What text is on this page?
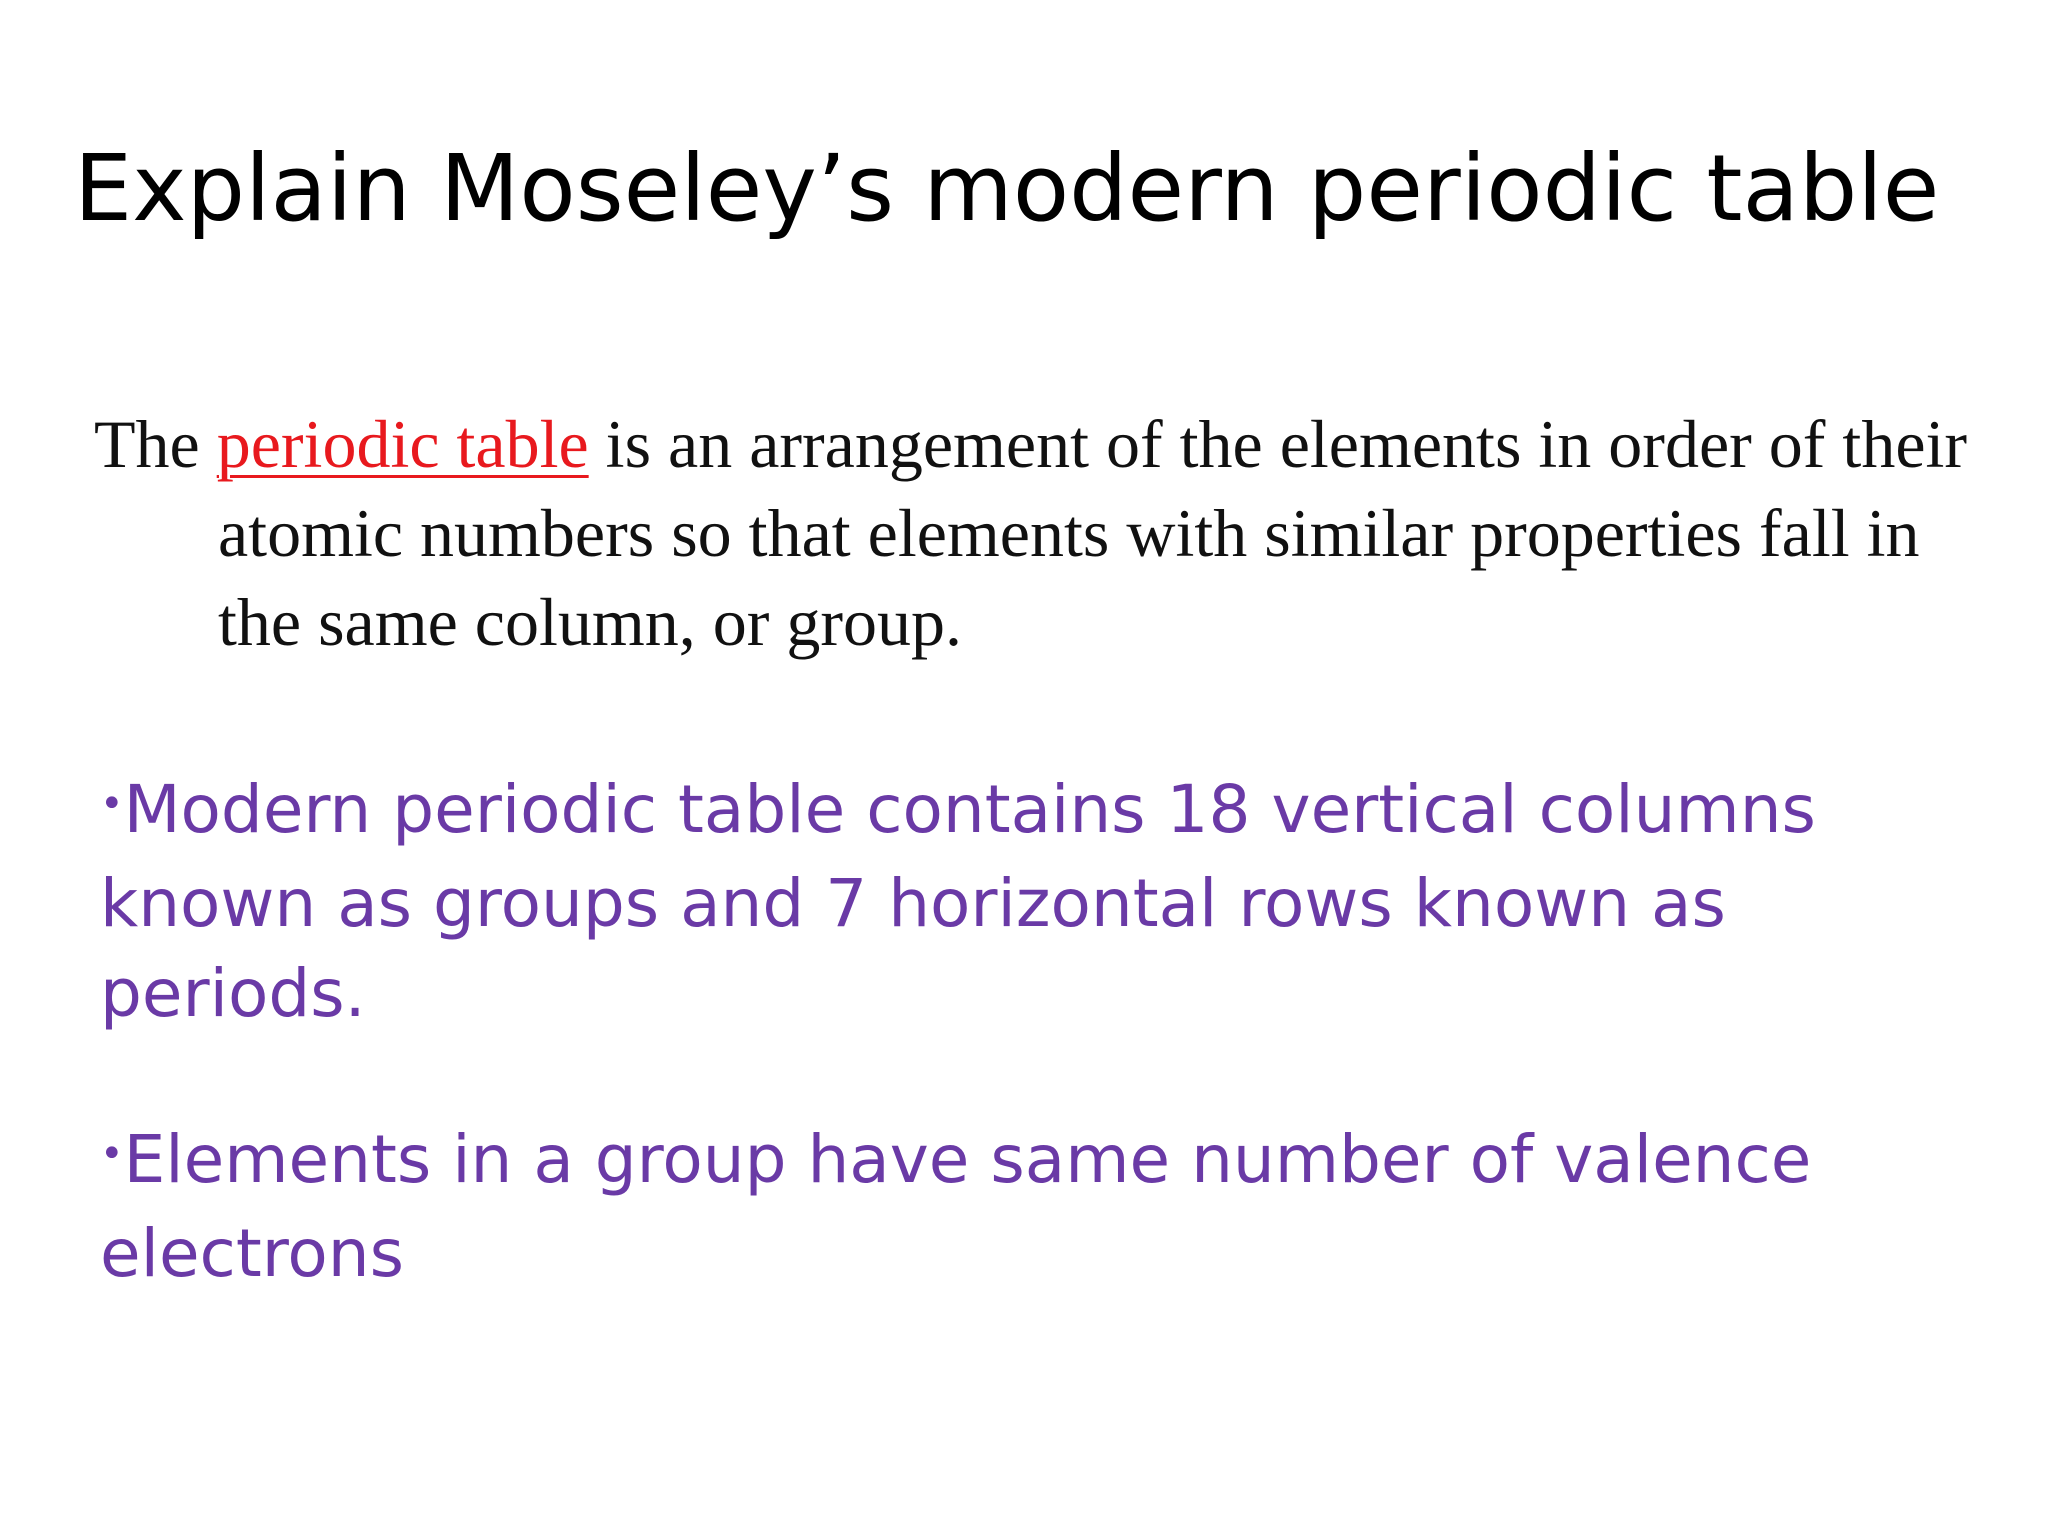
Explain Moseley’s modern periodic table

The periodic table is an arrangement of the elements in order of their atomic numbers so that elements with similar properties fall in the same column, or group.

•Modern periodic table contains 18 vertical columns known as groups and 7 horizontal rows known as periods.

•Elements in a group have same number of valence electrons
